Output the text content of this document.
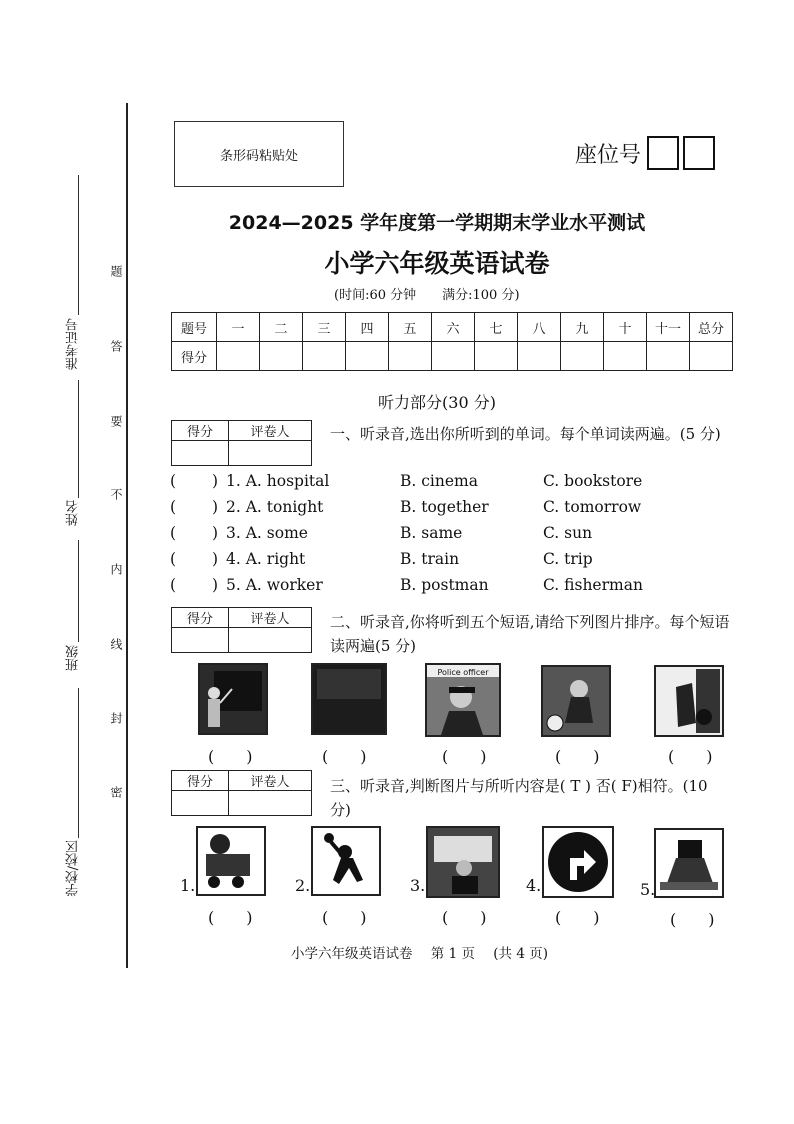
准考证号
姓名
班级
学校/校区
题
答
要
不
内
线
封
密
条形码粘贴处	座位号
2024—2025 学年度第一学期期末学业水平测试
小学六年级英语试卷
(时间:60 分钟　　满分:100 分)
题号	一	二	三	四	五	六	七	八	九	十	十一	总分
得分												
听力部分(30 分)
得分	评卷人
		一、听录音,选出你所听到的单词。每个单词读两遍。(5 分)
( ) 1. A. hospital	B. cinema	C. bookstore
( ) 2. A. tonight	B. together	C. tomorrow
( ) 3. A. some	B. same	C. sun
( ) 4. A. right	B. train	C. trip
( ) 5. A. worker	B. postman	C. fisherman
得分	评卷人
		二、听录音,你将听到五个短语,请给下列图片排序。每个短语读两遍(5 分)
Police officer
(　　)	(　　)	(　　)	(　　)	(　　)
得分	评卷人
		三、听录音,判断图片与所听内容是( T ) 否( F)相符。(10 分)
1.	2.	3.	4.	5.
(　　)	(　　)	(　　)	(　　)	(　　)
小学六年级英语试卷 第 1 页 (共 4 页)
